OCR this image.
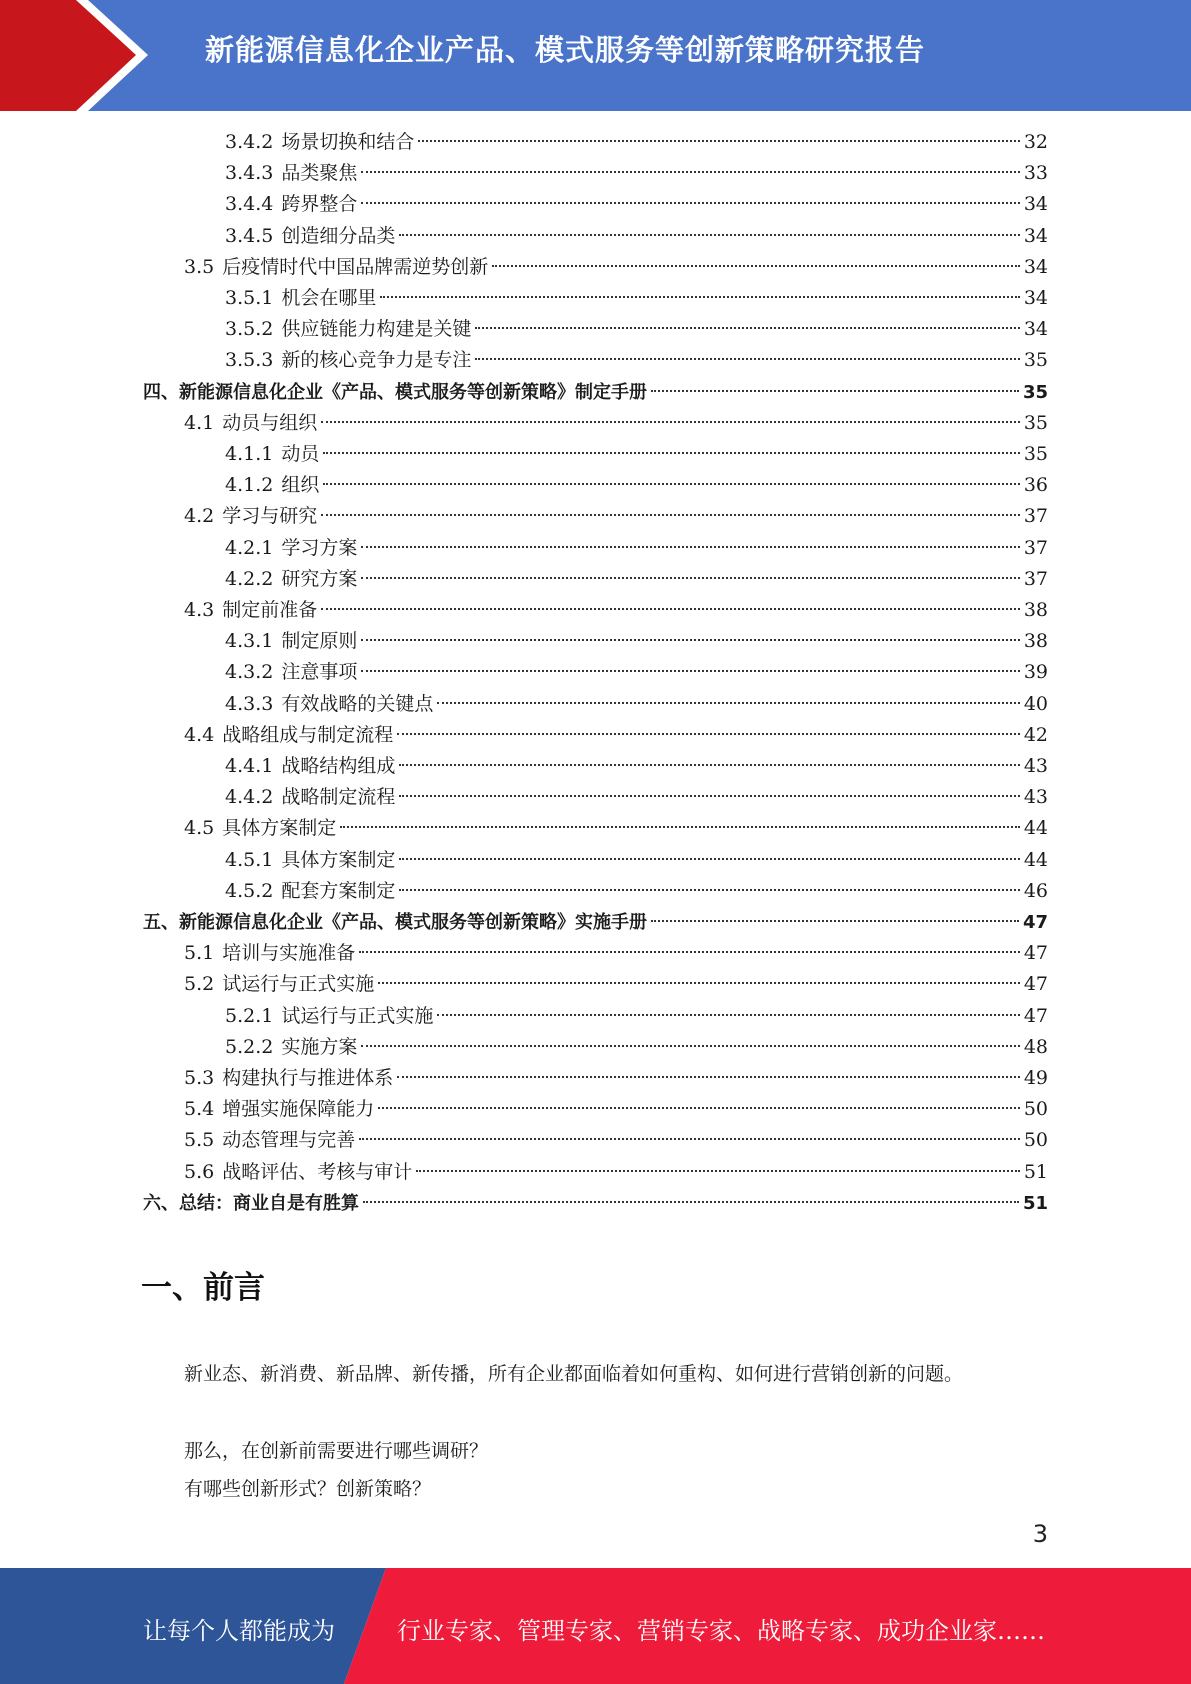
新能源信息化企业产品、模式服务等创新策略研究报告
3.4.2 场景切换和结合	32
3.4.3 品类聚焦	33
3.4.4 跨界整合	34
3.4.5 创造细分品类	34
3.5 后疫情时代中国品牌需逆势创新	34
3.5.1 机会在哪里	34
3.5.2 供应链能力构建是关键	34
3.5.3 新的核心竞争力是专注	35
四、新能源信息化企业《产品、模式服务等创新策略》制定手册	35
4.1 动员与组织	35
4.1.1 动员	35
4.1.2 组织	36
4.2 学习与研究	37
4.2.1 学习方案	37
4.2.2 研究方案	37
4.3 制定前准备	38
4.3.1 制定原则	38
4.3.2 注意事项	39
4.3.3 有效战略的关键点	40
4.4 战略组成与制定流程	42
4.4.1 战略结构组成	43
4.4.2 战略制定流程	43
4.5 具体方案制定	44
4.5.1 具体方案制定	44
4.5.2 配套方案制定	46
五、新能源信息化企业《产品、模式服务等创新策略》实施手册	47
5.1 培训与实施准备	47
5.2 试运行与正式实施	47
5.2.1 试运行与正式实施	47
5.2.2 实施方案	48
5.3 构建执行与推进体系	49
5.4 增强实施保障能力	50
5.5 动态管理与完善	50
5.6 战略评估、考核与审计	51
六、总结：商业自是有胜算	51
一、前言
新业态、新消费、新品牌、新传播，所有企业都面临着如何重构、如何进行营销创新的问题。
那么，在创新前需要进行哪些调研？
有哪些创新形式？创新策略？
3
让每个人都能成为	行业专家、管理专家、营销专家、战略专家、成功企业家……
